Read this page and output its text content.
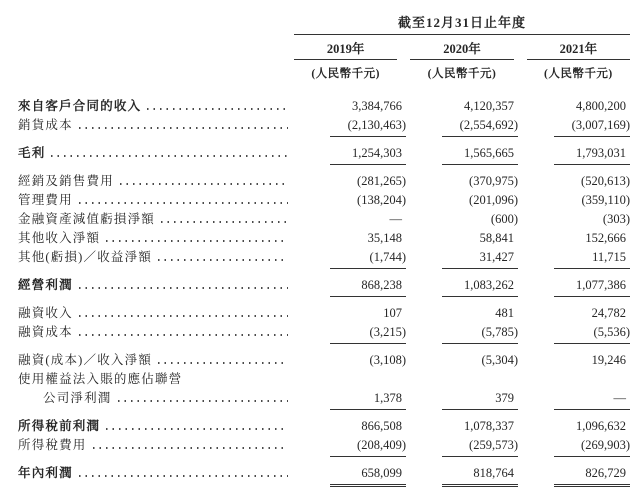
截至12月31日止年度
2019年	2020年	2021年
(人民幣千元)	(人民幣千元)	(人民幣千元)
來自客戶合同的收入	3,384,766	4,120,357	4,800,200
銷貨成本	(2,130,463)	(2,554,692)	(3,007,169)
毛利	1,254,303	1,565,665	1,793,031
經銷及銷售費用	(281,265)	(370,975)	(520,613)
管理費用	(138,204)	(201,096)	(359,110)
金融資產減值虧損淨額	—	(600)	(303)
其他收入淨額	35,148	58,841	152,666
其他(虧損)／收益淨額	(1,744)	31,427	11,715
經營利潤	868,238	1,083,262	1,077,386
融資收入	107	481	24,782
融資成本	(3,215)	(5,785)	(5,536)
融資(成本)／收入淨額	(3,108)	(5,304)	19,246
使用權益法入賬的應佔聯營
公司淨利潤	1,378	379	—
所得稅前利潤	866,508	1,078,337	1,096,632
所得稅費用	(208,409)	(259,573)	(269,903)
年內利潤	658,099	818,764	826,729
